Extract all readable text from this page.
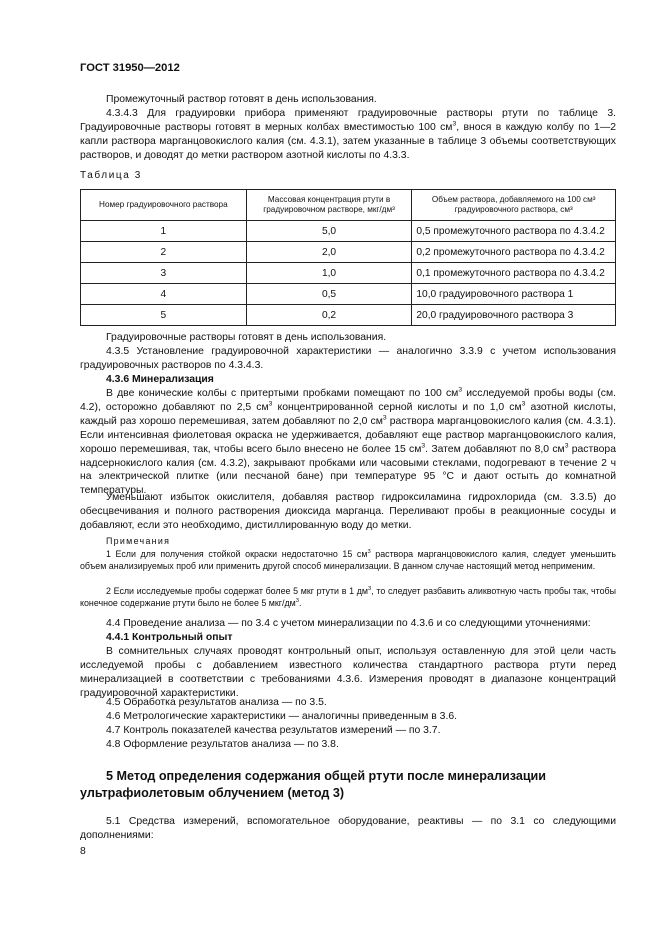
ГОСТ 31950—2012

Промежуточный раствор готовят в день использования.

4.3.4.3 Для градуировки прибора применяют градуировочные растворы ртути по таблице 3. Градуировочные растворы готовят в мерных колбах вместимостью 100 $см^3$, внося в каждую колбу по 1—2 капли раствора марганцовокислого калия (см. 4.3.1), затем указанные в таблице 3 объемы соответствующих растворов, и доводят до метки раствором азотной кислоты по 4.3.3.

Таблица 3
Номер градуировочного раствора	Массовая концентрация ртути в градуировочном растворе, мкг/дм³	Объем раствора, добавляемого на 100 см³ градуировочного раствора, см³
1	5,0	0,5 промежуточного раствора по 4.3.4.2
2	2,0	0,2 промежуточного раствора по 4.3.4.2
3	1,0	0,1 промежуточного раствора по 4.3.4.2
4	0,5	10,0 градуировочного раствора 1
5	0,2	20,0 градуировочного раствора 3

Градуировочные растворы готовят в день использования.

4.3.5 Установление градуировочной характеристики — аналогично 3.3.9 с учетом использования градуировочных растворов по 4.3.4.3.

4.3.6 Минерализация

В две конические колбы с притертыми пробками помещают по 100 $см^3$ исследуемой пробы воды (см. 4.2), осторожно добавляют по 2,5 $см^3$ концентрированной серной кислоты и по 1,0 $см^3$ азотной кислоты, каждый раз хорошо перемешивая, затем добавляют по 2,0 $см^3$ раствора марганцовокислого калия (см. 4.3.1). Если интенсивная фиолетовая окраска не удерживается, добавляют еще раствор марганцовокислого калия, хорошо перемешивая, так, чтобы всего было внесено не более 15 $см^3$. Затем добавляют по 8,0 $см^3$ раствора надсернокислого калия (см. 4.3.2), закрывают пробками или часовыми стеклами, подогревают в течение 2 ч на электрической плитке (или песчаной бане) при температуре 95 °С и дают остыть до комнатной температуры.

Уменьшают избыток окислителя, добавляя раствор гидроксиламина гидрохлорида (см. 3.3.5) до обесцвечивания и полного растворения диоксида марганца. Переливают пробы в реакционные сосуды и добавляют, если это необходимо, дистиллированную воду до метки.

Примечания

1 Если для получения стойкой окраски недостаточно 15 $см^3$ раствора марганцовокислого калия, следует уменьшить объем анализируемых проб или применить другой способ минерализации. В данном случае настоящий метод неприменим.

2 Если исследуемые пробы содержат более 5 мкг ртути в 1 $дм^3$, то следует разбавить аликвотную часть пробы так, чтобы конечное содержание ртути было не более 5 мкг/$дм^3$.

4.4 Проведение анализа — по 3.4 с учетом минерализации по 4.3.6 и со следующими уточнениями:

4.4.1 Контрольный опыт

В сомнительных случаях проводят контрольный опыт, используя оставленную для этой цели часть исследуемой пробы с добавлением известного количества стандартного раствора ртути перед минерализацией в соответствии с требованиями 4.3.6. Измерения проводят в диапазоне концентраций градуировочной характеристики.

4.5 Обработка результатов анализа — по 3.5.

4.6 Метрологические характеристики — аналогичны приведенным в 3.6.

4.7 Контроль показателей качества результатов измерений — по 3.7.

4.8 Оформление результатов анализа — по 3.8.

5 Метод определения содержания общей ртути после минерализации ультрафиолетовым облучением (метод 3)

5.1 Средства измерений, вспомогательное оборудование, реактивы — по 3.1 со следующими дополнениями:

8
